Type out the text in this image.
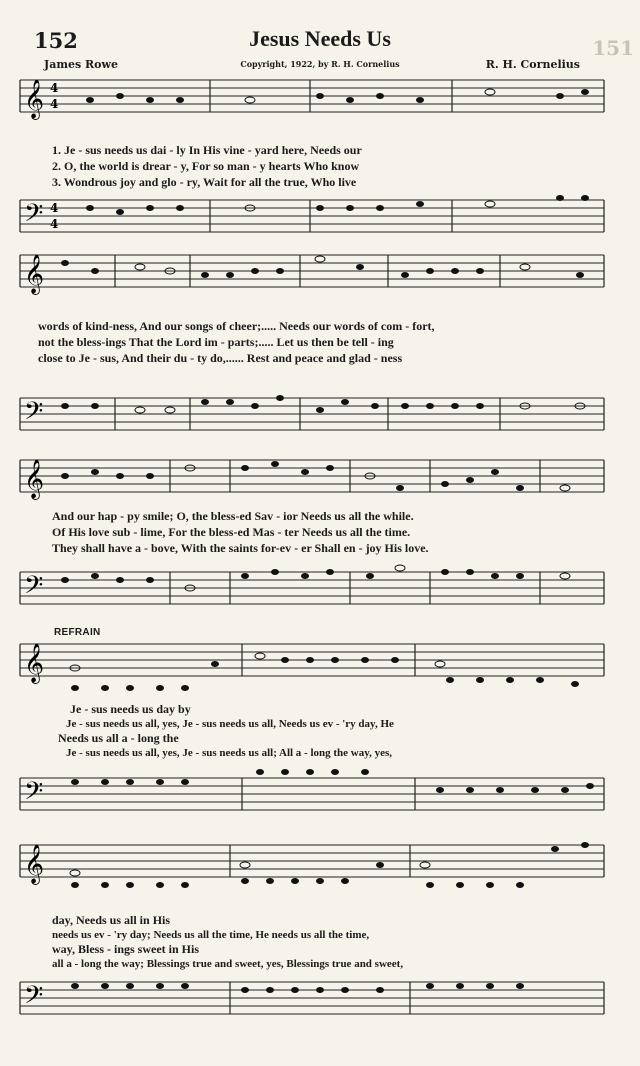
152	Jesus Needs Us
James Rowe	Copyright, 1922, by R. H. Cornelius	R. H. Cornelius
151
𝄞 4
4
𝄢 4
4
𝄞
𝄢
𝄞
𝄢
𝄞
𝄢
𝄞
𝄢
1. Je - sus needs us dai - ly In His vine - yard here, Needs our
2. O, the world is drear - y, For so man - y hearts Who know
3. Wondrous joy and glo - ry, Wait for all the true, Who live
words of kind-ness, And our songs of cheer;..... Needs our words of com - fort,
not the bless-ings That the Lord im - parts;..... Let us then be tell - ing
close to Je - sus, And their du - ty do,...... Rest and peace and glad - ness
And our hap - py smile; O, the bless-ed Sav - ior Needs us all the while.
Of His love sub - lime, For the bless-ed Mas - ter Needs us all the time.
They shall have a - bove, With the saints for-ev - er Shall en - joy His love.
REFRAIN
Je - sus needs us day by
Je - sus needs us all, yes, Je - sus needs us all, Needs us ev - 'ry day, He
Needs us all a - long the
Je - sus needs us all, yes, Je - sus needs us all; All a - long the way, yes,
day, Needs us all in His
needs us ev - 'ry day; Needs us all the time, He needs us all the time,
way, Bless - ings sweet in His
all a - long the way; Blessings true and sweet, yes, Blessings true and sweet,
